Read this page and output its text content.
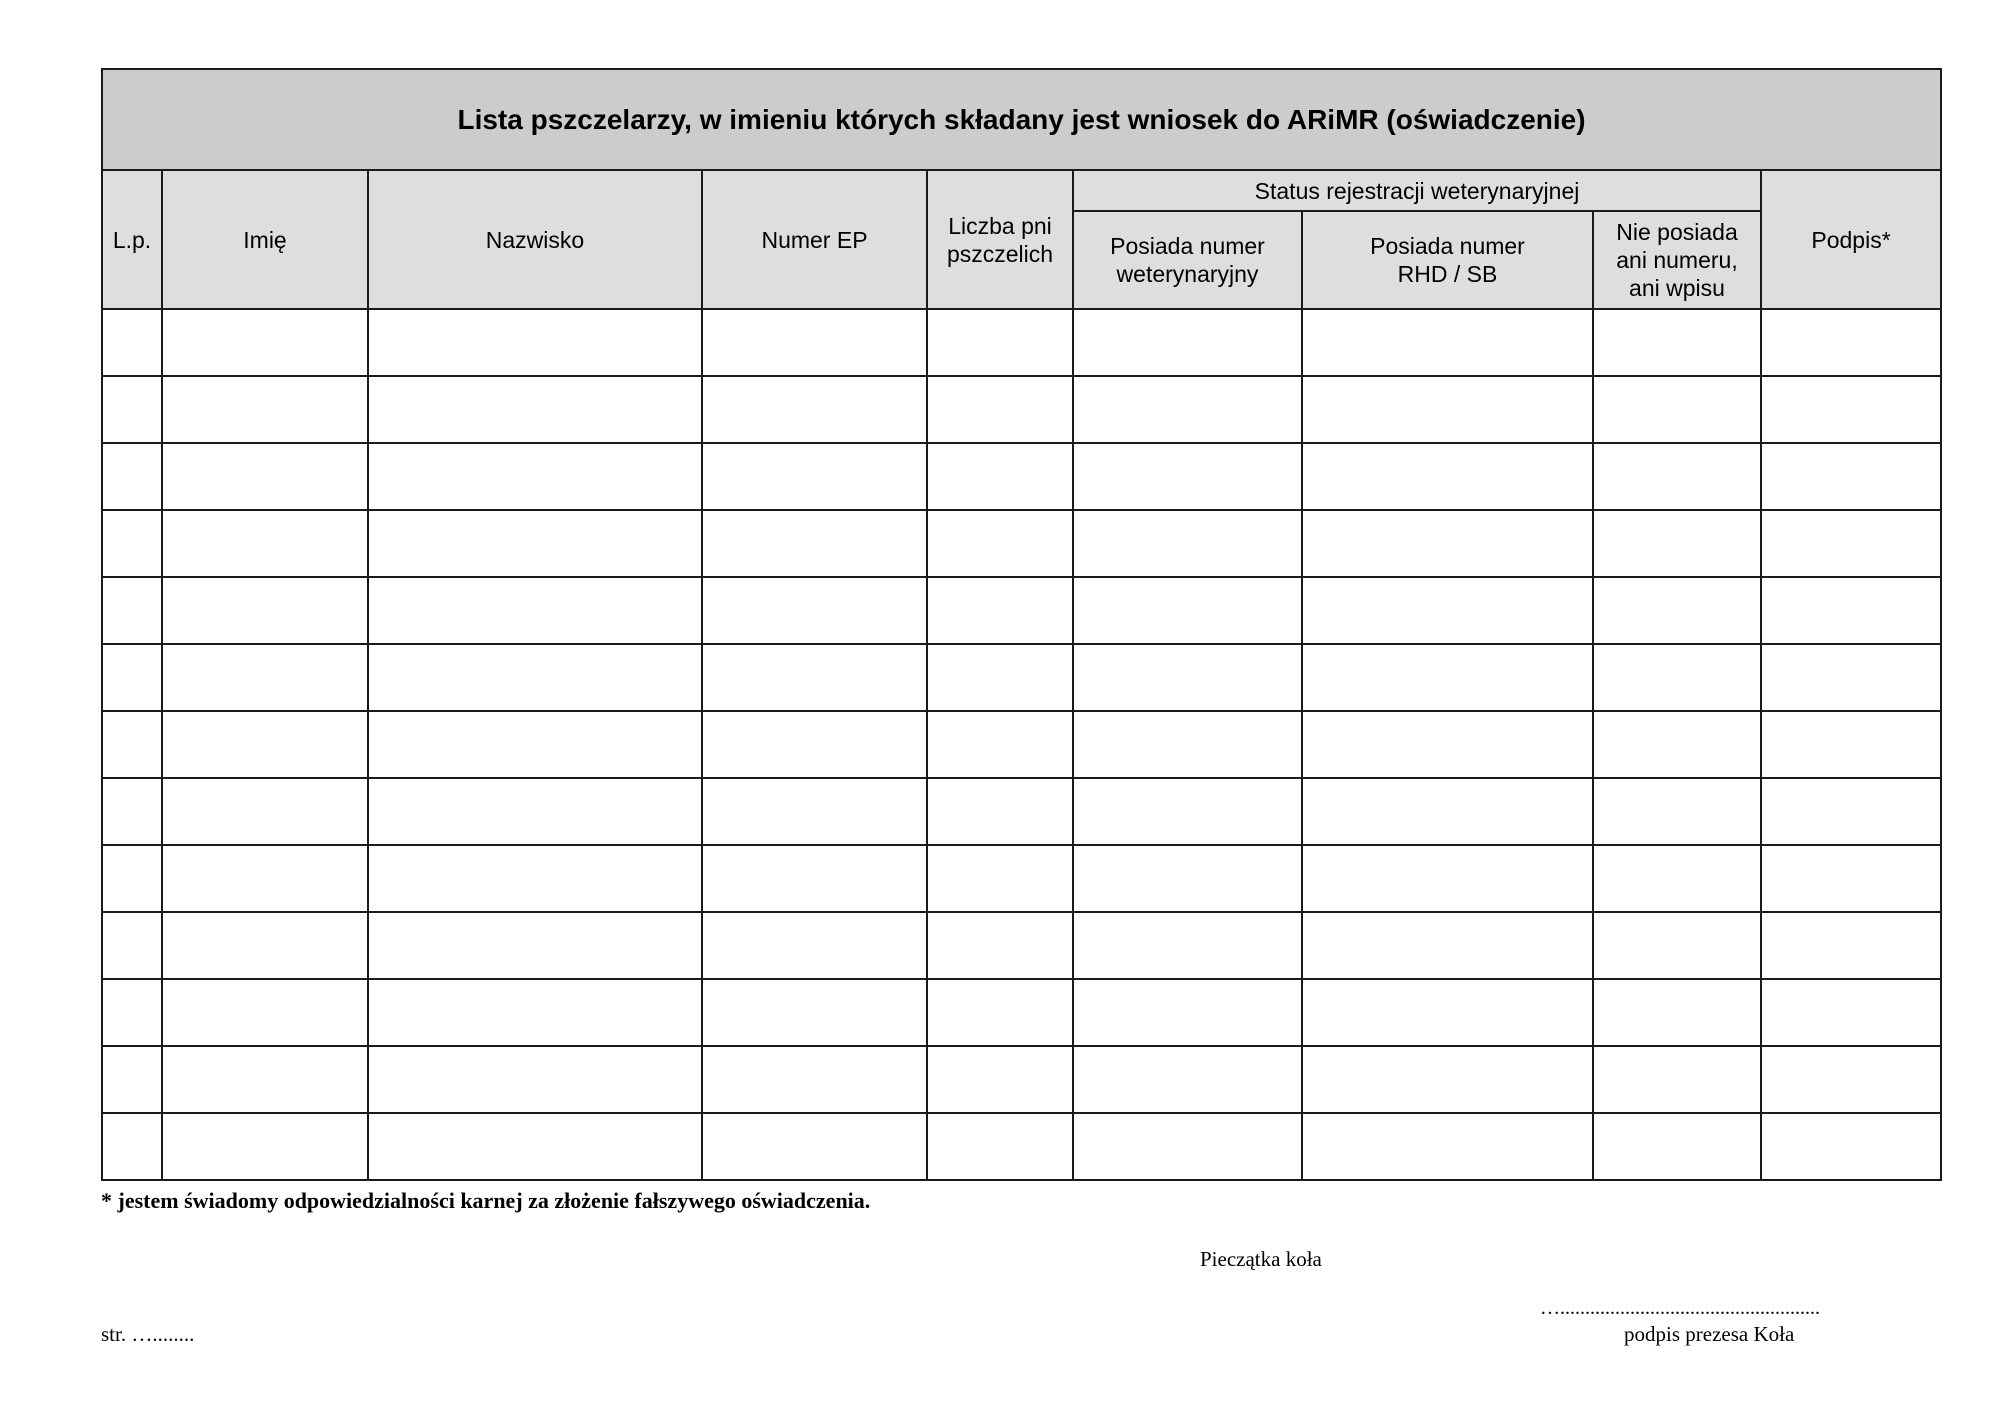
Lista pszczelarzy, w imieniu których składany jest wniosek do ARiMR (oświadczenie)								
L.p.	Imię	Nazwisko	Numer EP	Liczba pni pszczelich	Status rejestracji weterynaryjnej			Podpis*
					Posiada numer weterynaryjny	Posiada numer RHD / SB	Nie posiada ani numeru, ani wpisu	

* jestem świadomy odpowiedzialności karnej za złożenie fałszywego oświadczenia.
Pieczątka koła
…....................................................
podpis prezesa Koła
str. …........
